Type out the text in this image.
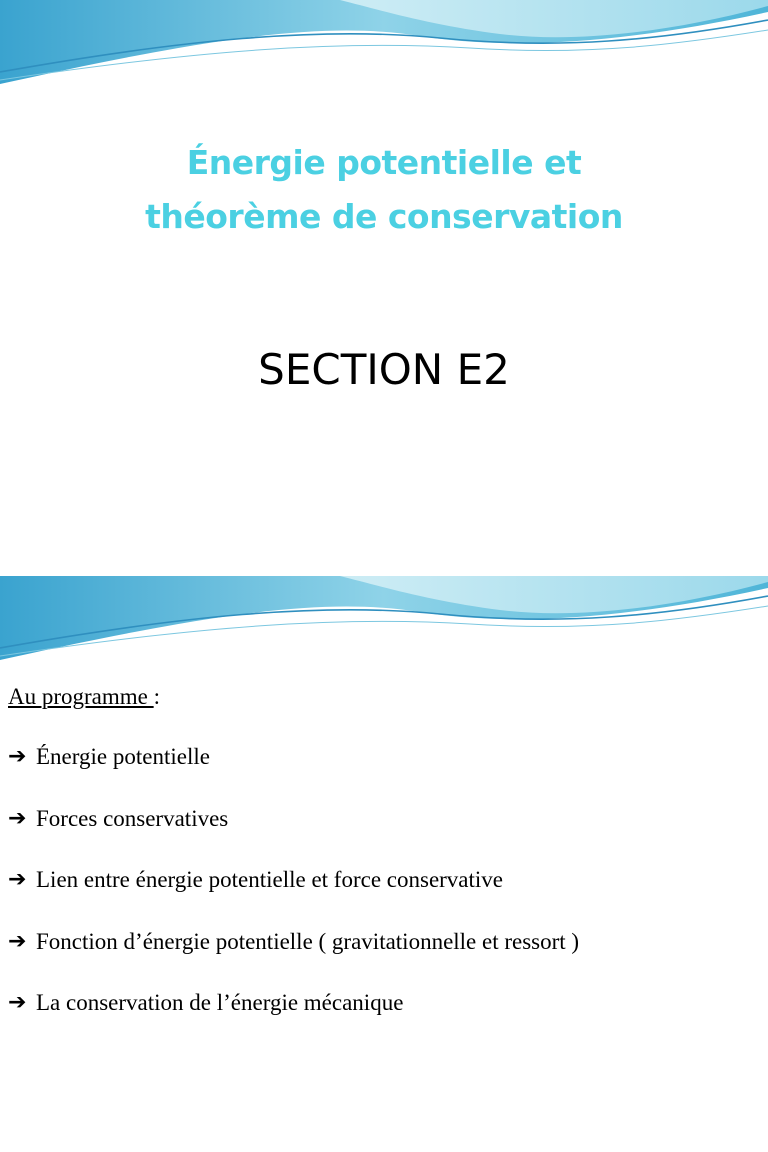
Énergie potentielle et
théorème de conservation
SECTION E2
Au programme :
➔ Énergie potentielle
➔ Forces conservatives
➔ Lien entre énergie potentielle et force conservative
➔ Fonction d’énergie potentielle ( gravitationnelle et ressort )
➔ La conservation de l’énergie mécanique
